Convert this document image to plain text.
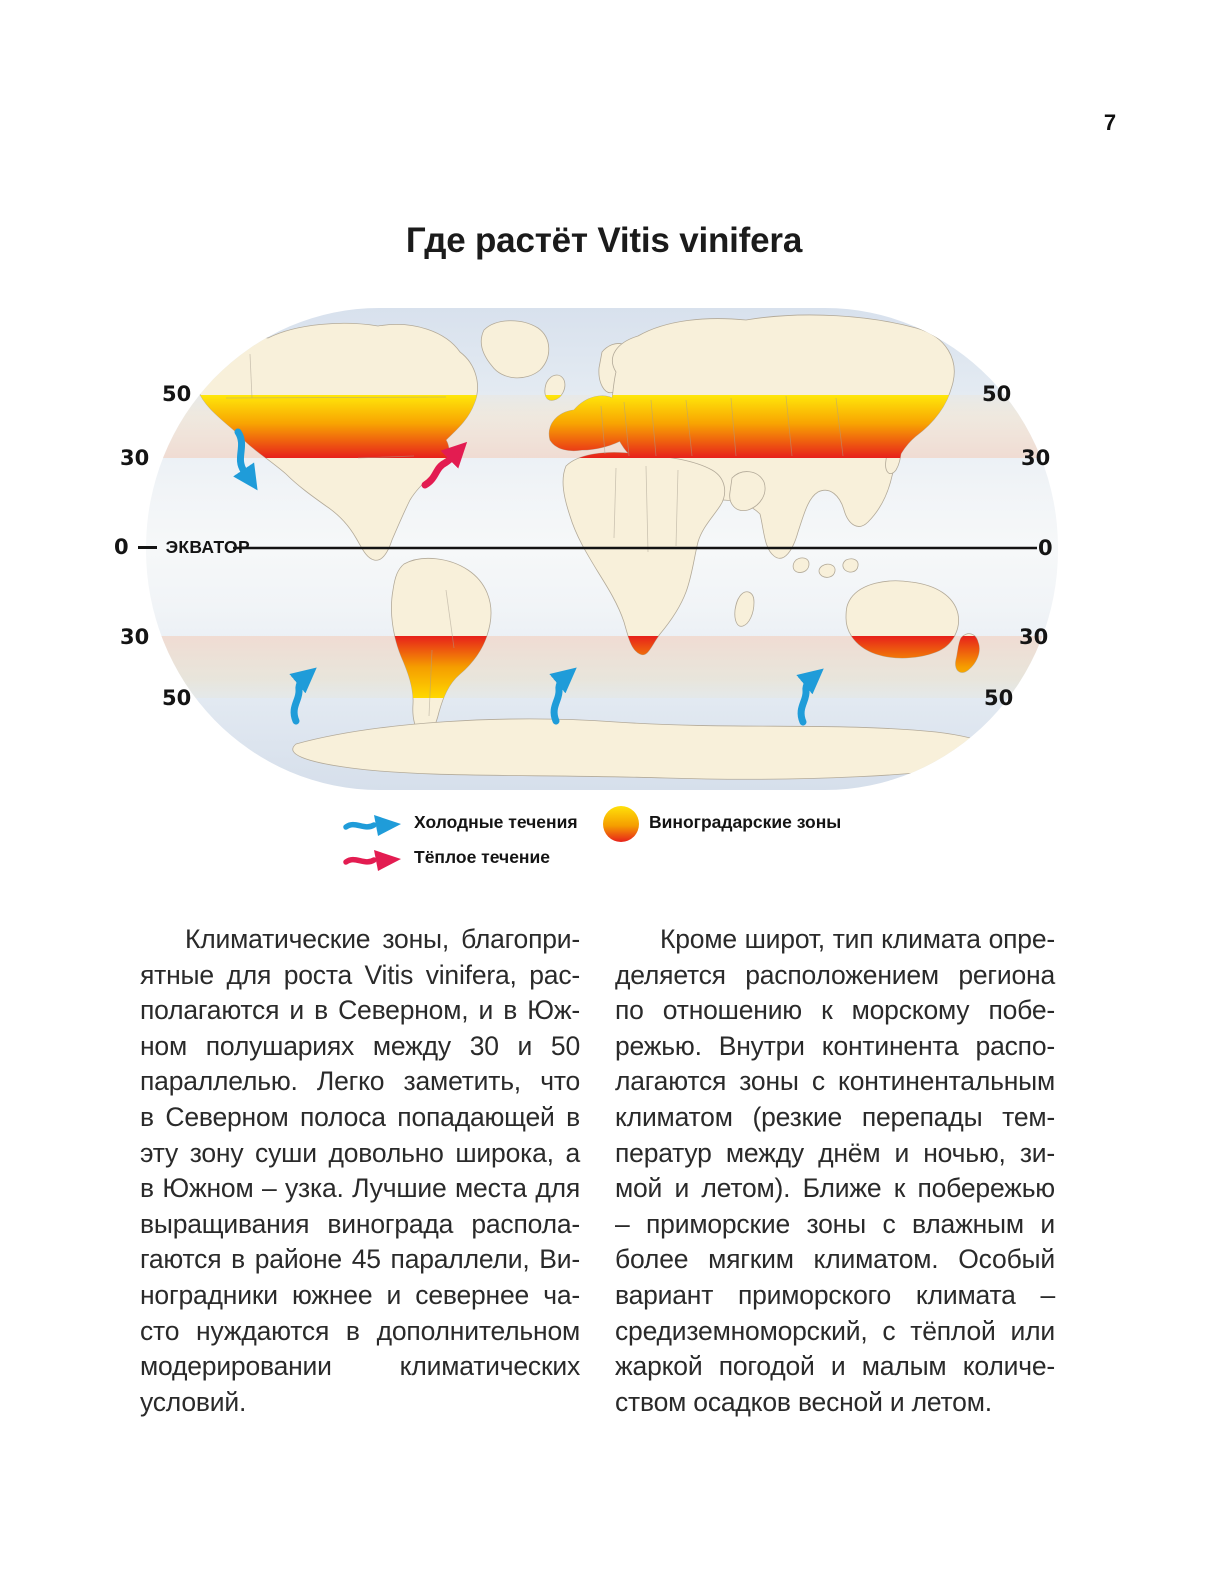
7
Где растёт Vitis vinifera
50
30
0 ЭКВАТОР
30
50
50
30
0
30
50
Холодные течения
Тёплое течение
Виноградарские зоны
Климатические зоны, благопри-
ятные для роста Vitis vinifera, рас-
полагаются и в Северном, и в Юж-
ном полушариях между 30 и 50
параллелью. Легко заметить, что
в Северном полоса попадающей в
эту зону суши довольно широка, а
в Южном – узка. Лучшие места для
выращивания винограда распола-
гаются в районе 45 параллели, Ви-
ноградники южнее и севернее ча-
сто нуждаются в дополнительном
модерировании климатических
условий.
Кроме широт, тип климата опре-
деляется расположением региона
по отношению к морскому побе-
режью. Внутри континента распо-
лагаются зоны с континентальным
климатом (резкие перепады тем-
ператур между днём и ночью, зи-
мой и летом). Ближе к побережью
– приморские зоны с влажным и
более мягким климатом. Особый
вариант приморского климата –
средиземноморский, с тёплой или
жаркой погодой и малым количе-
ством осадков весной и летом.
